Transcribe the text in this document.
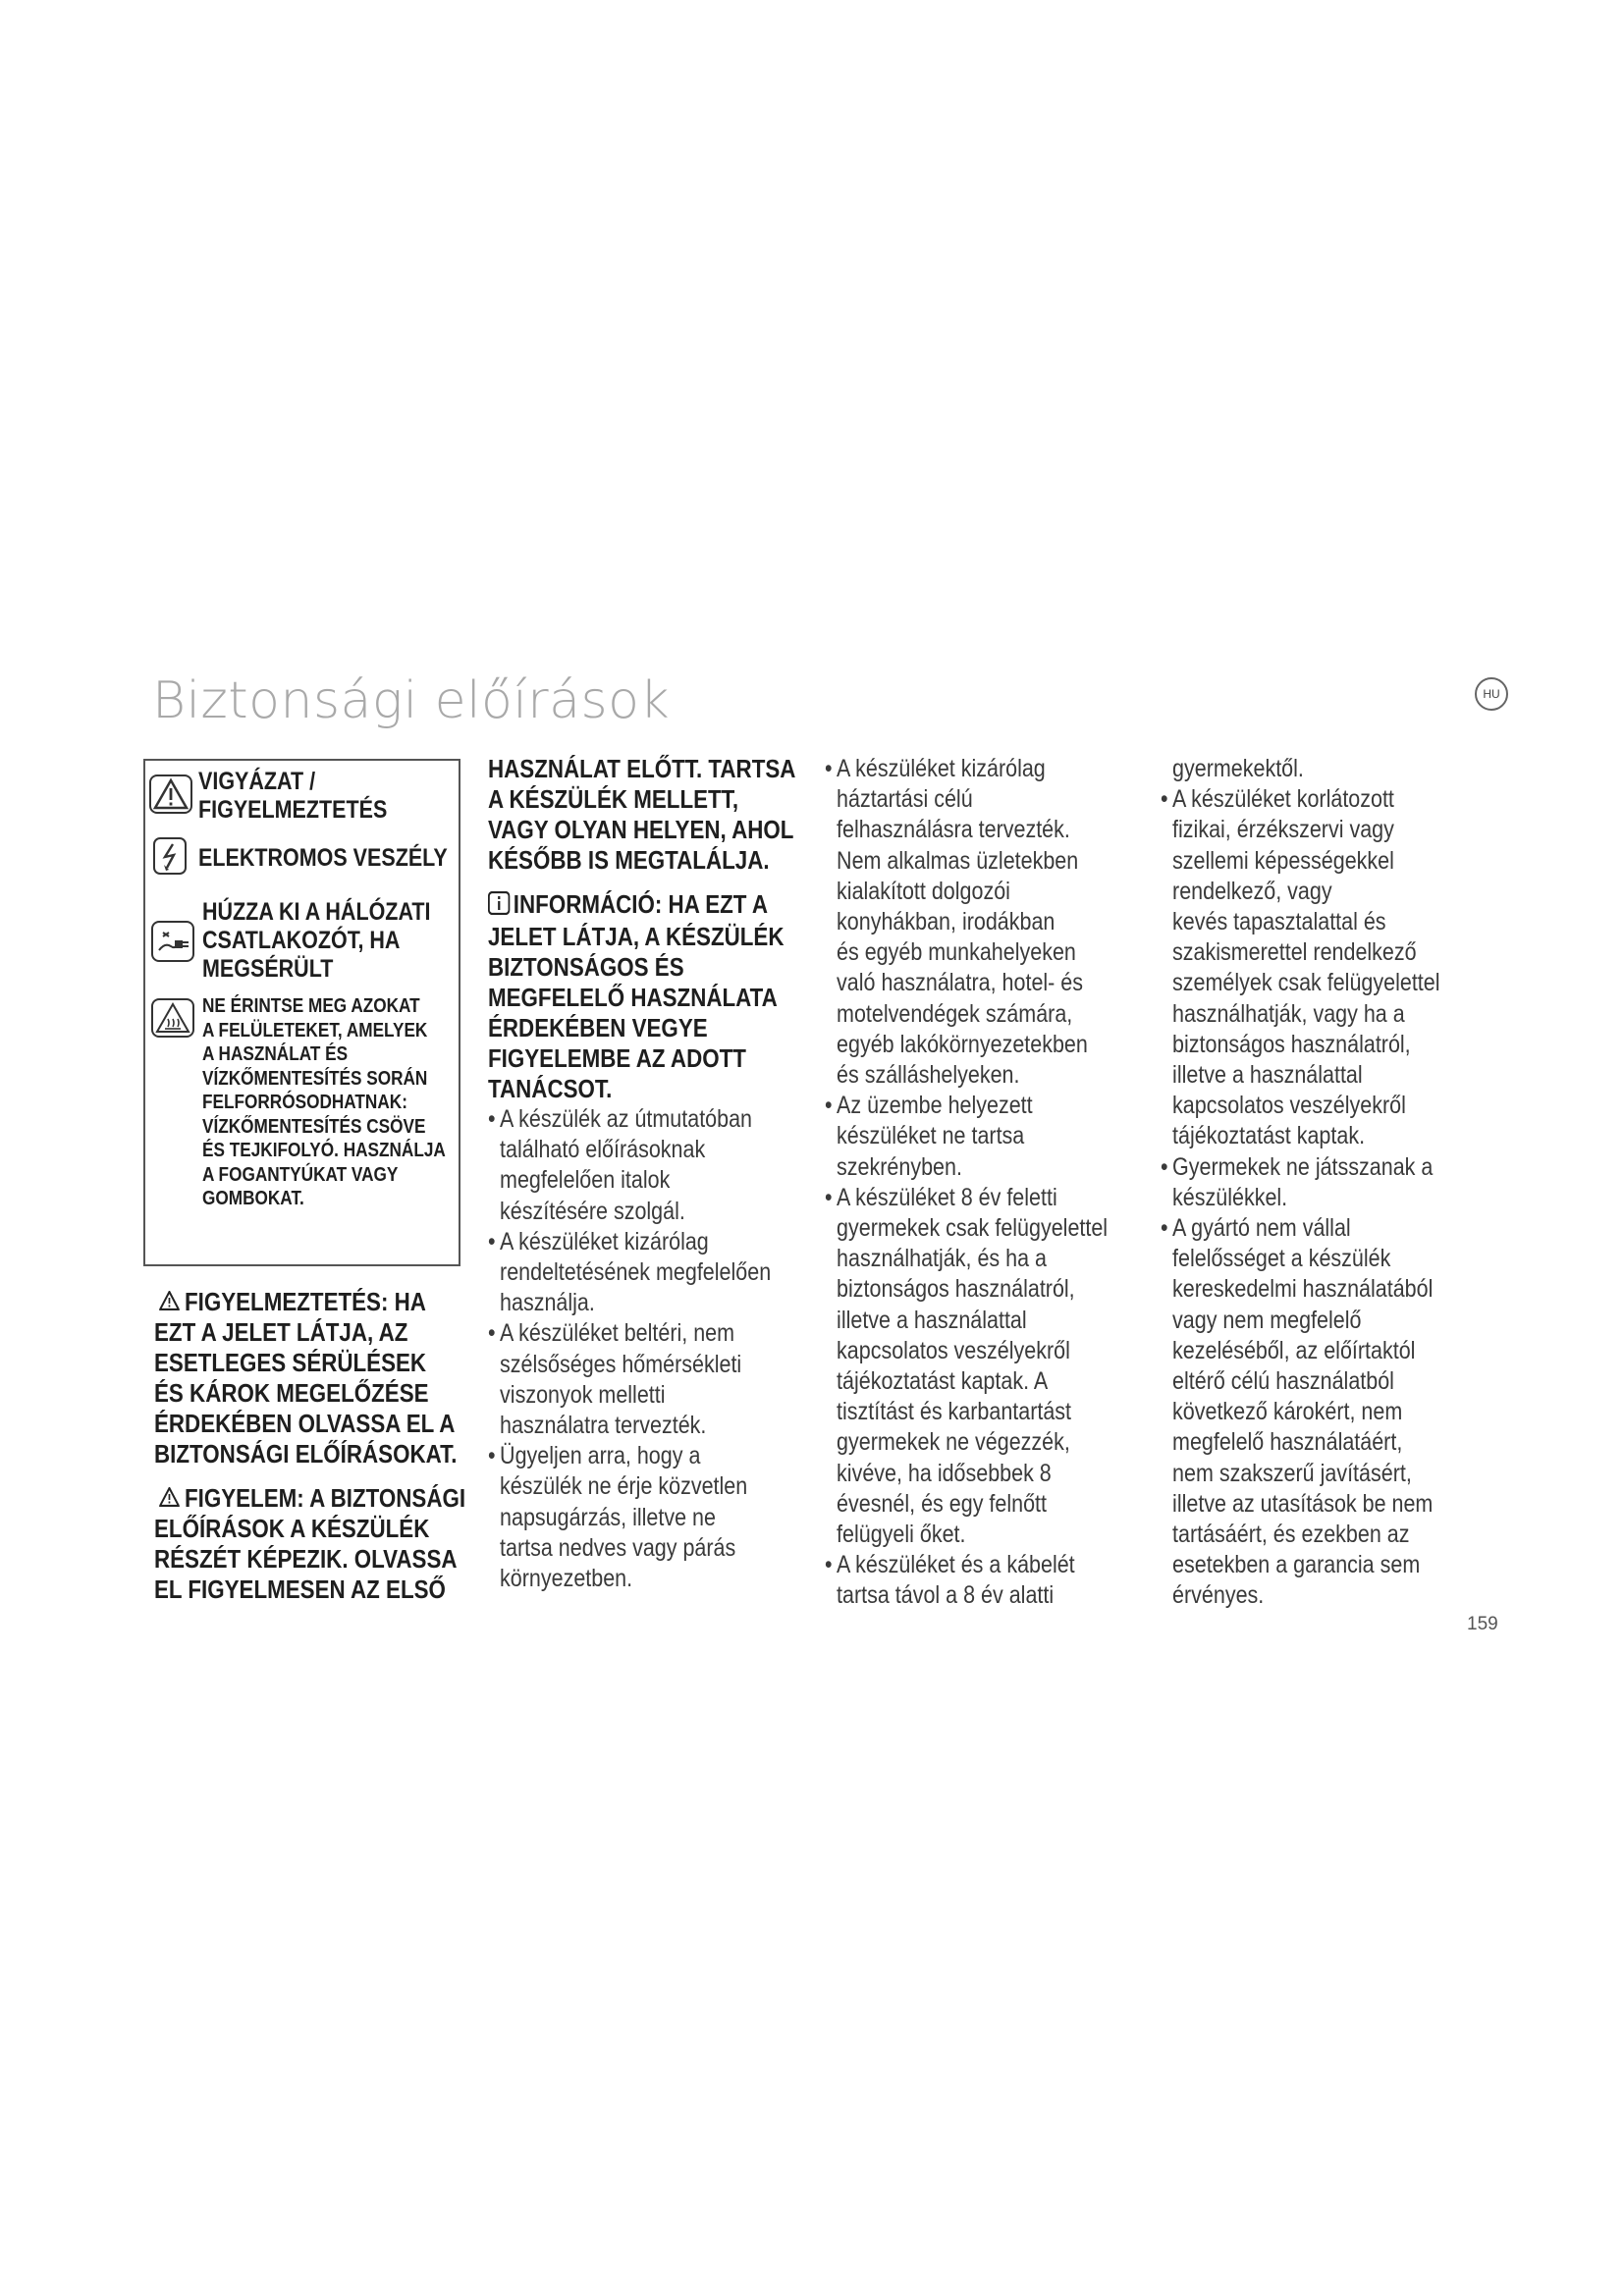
Biztonsági előírások	HU
159
VIGYÁZAT /
FIGYELMEZTETÉS
ELEKTROMOS VESZÉLY
HÚZZA KI A HÁLÓZATI
CSATLAKOZÓT, HA
MEGSÉRÜLT
NE ÉRINTSE MEG AZOKAT
A FELÜLETEKET, AMELYEK
A HASZNÁLAT ÉS
VÍZKŐMENTESÍTÉS SORÁN
FELFORRÓSODHATNAK:
VÍZKŐMENTESÍTÉS CSÖVE
ÉS TEJKIFOLYÓ. HASZNÁLJA
A FOGANTYÚKAT VAGY
GOMBOKAT.
FIGYELMEZTETÉS: HA
EZT A JELET LÁTJA, AZ
ESETLEGES SÉRÜLÉSEK
ÉS KÁROK MEGELŐZÉSE
ÉRDEKÉBEN OLVASSA EL A
BIZTONSÁGI ELŐÍRÁSOKAT.
FIGYELEM: A BIZTONSÁGI
ELŐÍRÁSOK A KÉSZÜLÉK
RÉSZÉT KÉPEZIK. OLVASSA
EL FIGYELMESEN AZ ELSŐ
HASZNÁLAT ELŐTT. TARTSA
A KÉSZÜLÉK MELLETT,
VAGY OLYAN HELYEN, AHOL
KÉSŐBB IS MEGTALÁLJA.
INFORMÁCIÓ: HA EZT A
JELET LÁTJA, A KÉSZÜLÉK
BIZTONSÁGOS ÉS
MEGFELELŐ HASZNÁLATA
ÉRDEKÉBEN VEGYE
FIGYELEMBE AZ ADOTT
TANÁCSOT.
• A készülék az útmutatóban
található előírásoknak
megfelelően italok
készítésére szolgál.
• A készüléket kizárólag
rendeltetésének megfelelően
használja.
• A készüléket beltéri, nem
szélsőséges hőmérsékleti
viszonyok melletti
használatra tervezték.
• Ügyeljen arra, hogy a
készülék ne érje közvetlen
napsugárzás, illetve ne
tartsa nedves vagy párás
környezetben.
• A készüléket kizárólag
háztartási célú
felhasználásra tervezték.
Nem alkalmas üzletekben
kialakított dolgozói
konyhákban, irodákban
és egyéb munkahelyeken
való használatra, hotel- és
motelvendégek számára,
egyéb lakókörnyezetekben
és szálláshelyeken.
• Az üzembe helyezett
készüléket ne tartsa
szekrényben.
• A készüléket 8 év feletti
gyermekek csak felügyelettel
használhatják, és ha a
biztonságos használatról,
illetve a használattal
kapcsolatos veszélyekről
tájékoztatást kaptak. A
tisztítást és karbantartást
gyermekek ne végezzék,
kivéve, ha idősebbek 8
évesnél, és egy felnőtt
felügyeli őket.
• A készüléket és a kábelét
tartsa távol a 8 év alatti
gyermekektől.
• A készüléket korlátozott
fizikai, érzékszervi vagy
szellemi képességekkel
rendelkező, vagy
kevés tapasztalattal és
szakismerettel rendelkező
személyek csak felügyelettel
használhatják, vagy ha a
biztonságos használatról,
illetve a használattal
kapcsolatos veszélyekről
tájékoztatást kaptak.
• Gyermekek ne játsszanak a
készülékkel.
• A gyártó nem vállal
felelősséget a készülék
kereskedelmi használatából
vagy nem megfelelő
kezeléséből, az előírtaktól
eltérő célú használatból
következő károkért, nem
megfelelő használatáért,
nem szakszerű javításért,
illetve az utasítások be nem
tartásáért, és ezekben az
esetekben a garancia sem
érvényes.
